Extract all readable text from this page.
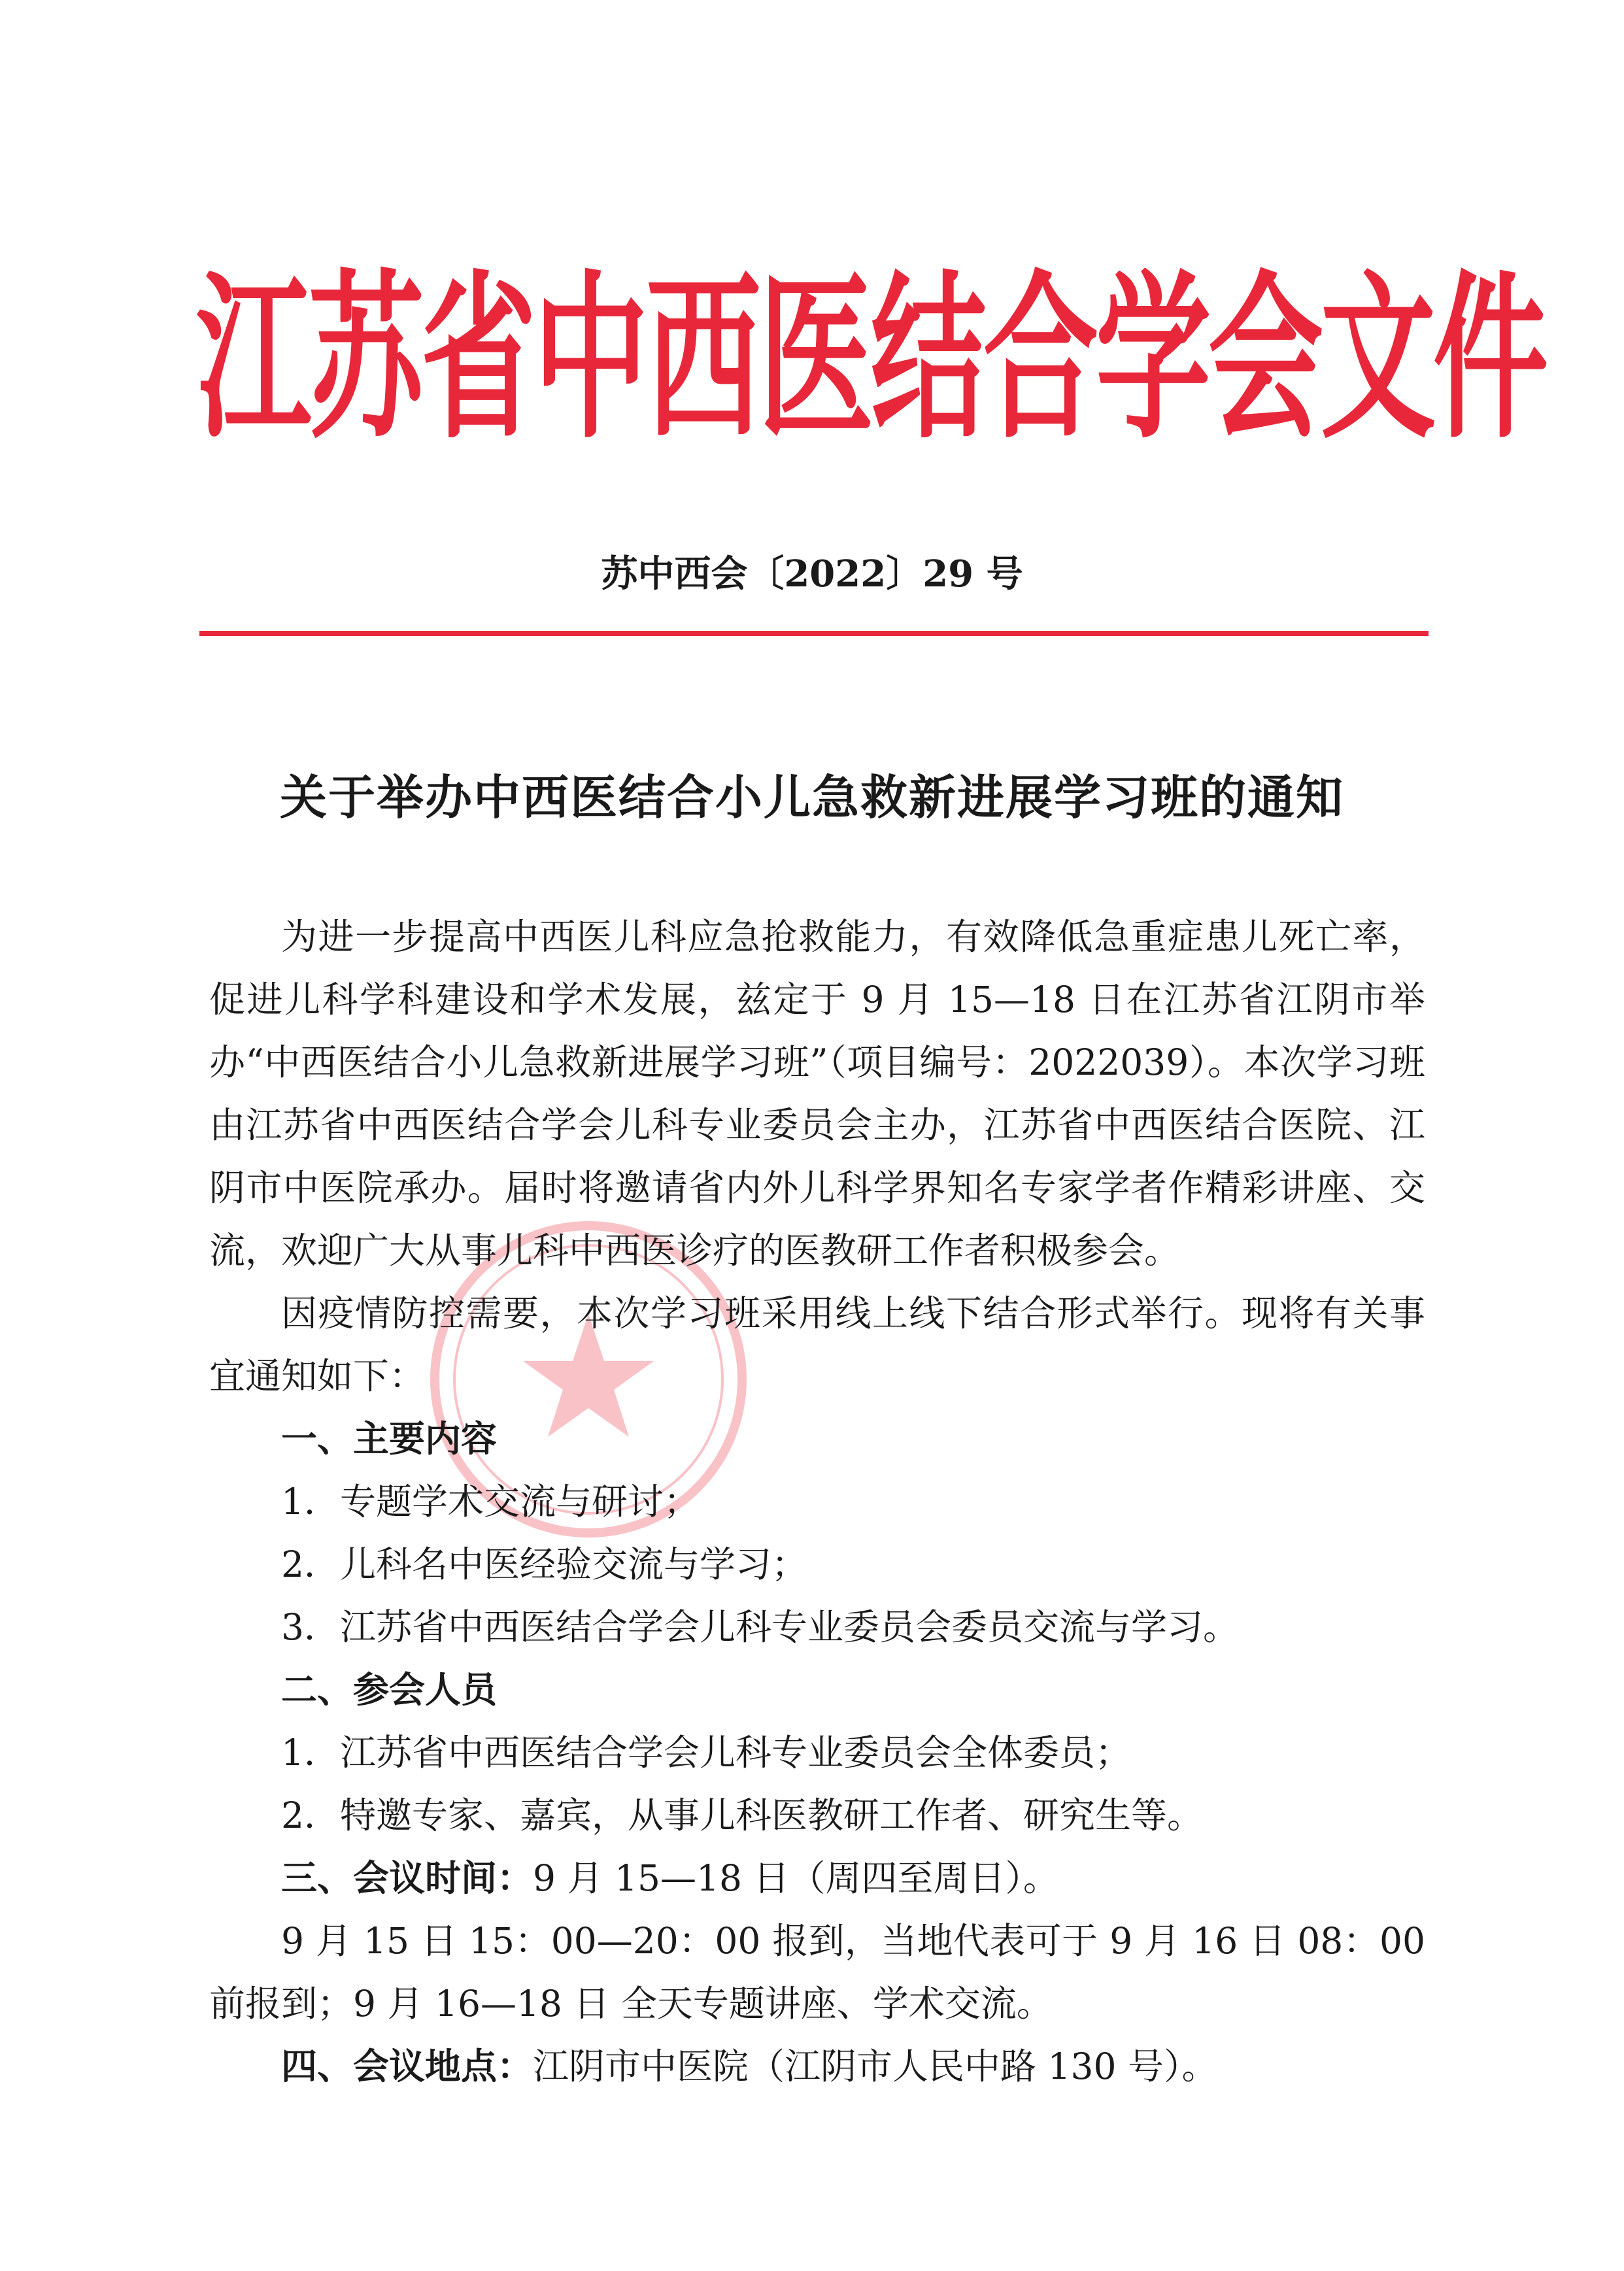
江苏省中西医结合学会文件
苏中西会〔2022〕29 号
关于举办中西医结合小儿急救新进展学习班的通知

为进一步提高中西医儿科应急抢救能力，有效降低急重症患儿死亡率，促进儿科学科建设和学术发展，兹定于 9 月 15—18 日在江苏省江阴市举办“中西医结合小儿急救新进展学习班”（项目编号：2022039）。本次学习班由江苏省中西医结合学会儿科专业委员会主办，江苏省中西医结合医院、江阴市中医院承办。届时将邀请省内外儿科学界知名专家学者作精彩讲座、交流，欢迎广大从事儿科中西医诊疗的医教研工作者积极参会。

因疫情防控需要，本次学习班采用线上线下结合形式举行。现将有关事宜通知如下：

一、主要内容

1．专题学术交流与研讨；

2．儿科名中医经验交流与学习；

3．江苏省中西医结合学会儿科专业委员会委员交流与学习。

二、参会人员

1．江苏省中西医结合学会儿科专业委员会全体委员；

2．特邀专家、嘉宾，从事儿科医教研工作者、研究生等。

三、会议时间：9 月 15—18 日（周四至周日）。

9 月 15 日 15：00—20：00 报到，当地代表可于 9 月 16 日 08：00 前报到；9 月 16—18 日 全天专题讲座、学术交流。

四、会议地点：江阴市中医院（江阴市人民中路 130 号）。
